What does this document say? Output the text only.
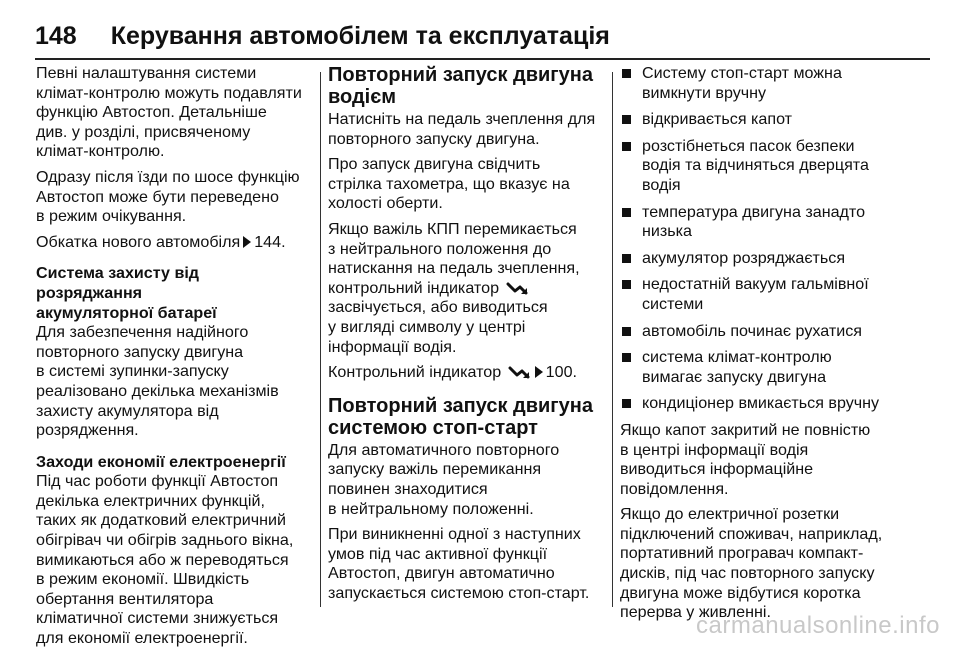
148 Керування автомобілем та експлуатація

Певні налаштування системи
клімат-контролю можуть подавляти
функцію Автостоп. Детальніше
див. у розділі, присвяченому
клімат-контролю.

Одразу після їзди по шосе функцію
Автостоп може бути переведено
в режим очікування.

Обкатка нового автомобіля 144.

Система захисту від розряджання
акумуляторної батареї

Для забезпечення надійного
повторного запуску двигуна
в системі зупинки-запуску
реалізовано декілька механізмів
захисту акумулятора від
розрядження.

Заходи економії електроенергії

Під час роботи функції Автостоп
декілька електричних функцій,
таких як додатковий електричний
обігрівач чи обігрів заднього вікна,
вимикаються або ж переводяться
в режим економії. Швидкість
обертання вентилятора
кліматичної системи знижується
для економії електроенергії.

Повторний запуск двигуна
водієм

Натисніть на педаль зчеплення для
повторного запуску двигуна.

Про запуск двигуна свідчить
стрілка тахометра, що вказує на
холості оберти.

Якщо важіль КПП перемикається
з нейтрального положення до
натискання на педаль зчеплення,
контрольний індикатор
засвічується, або виводиться
у вигляді символу у центрі
інформації водія.

Контрольний індикатор	100.

Повторний запуск двигуна
системою стоп-старт

Для автоматичного повторного
запуску важіль перемикання
повинен знаходитися
в нейтральному положенні.

При виникненні одної з наступних
умов під час активної функції
Автостоп, двигун автоматично
запускається системою стоп-старт.

Систему стоп-старт можна
вимкнути вручну
відкривається капот
розстібнеться пасок безпеки
водія та відчиняться дверцята
водія
температура двигуна занадто
низька
акумулятор розряджається
недостатній вакуум гальмівної
системи
автомобіль починає рухатися
система клімат-контролю
вимагає запуску двигуна
кондиціонер вмикається вручну

Якщо капот закритий не повністю
в центрі інформації водія
виводиться інформаційне
повідомлення.

Якщо до електричної розетки
підключений споживач, наприклад,
портативний програвач компакт-
дисків, під час повторного запуску
двигуна може відбутися коротка
перерва у живленні.

carmanualsonline.info
